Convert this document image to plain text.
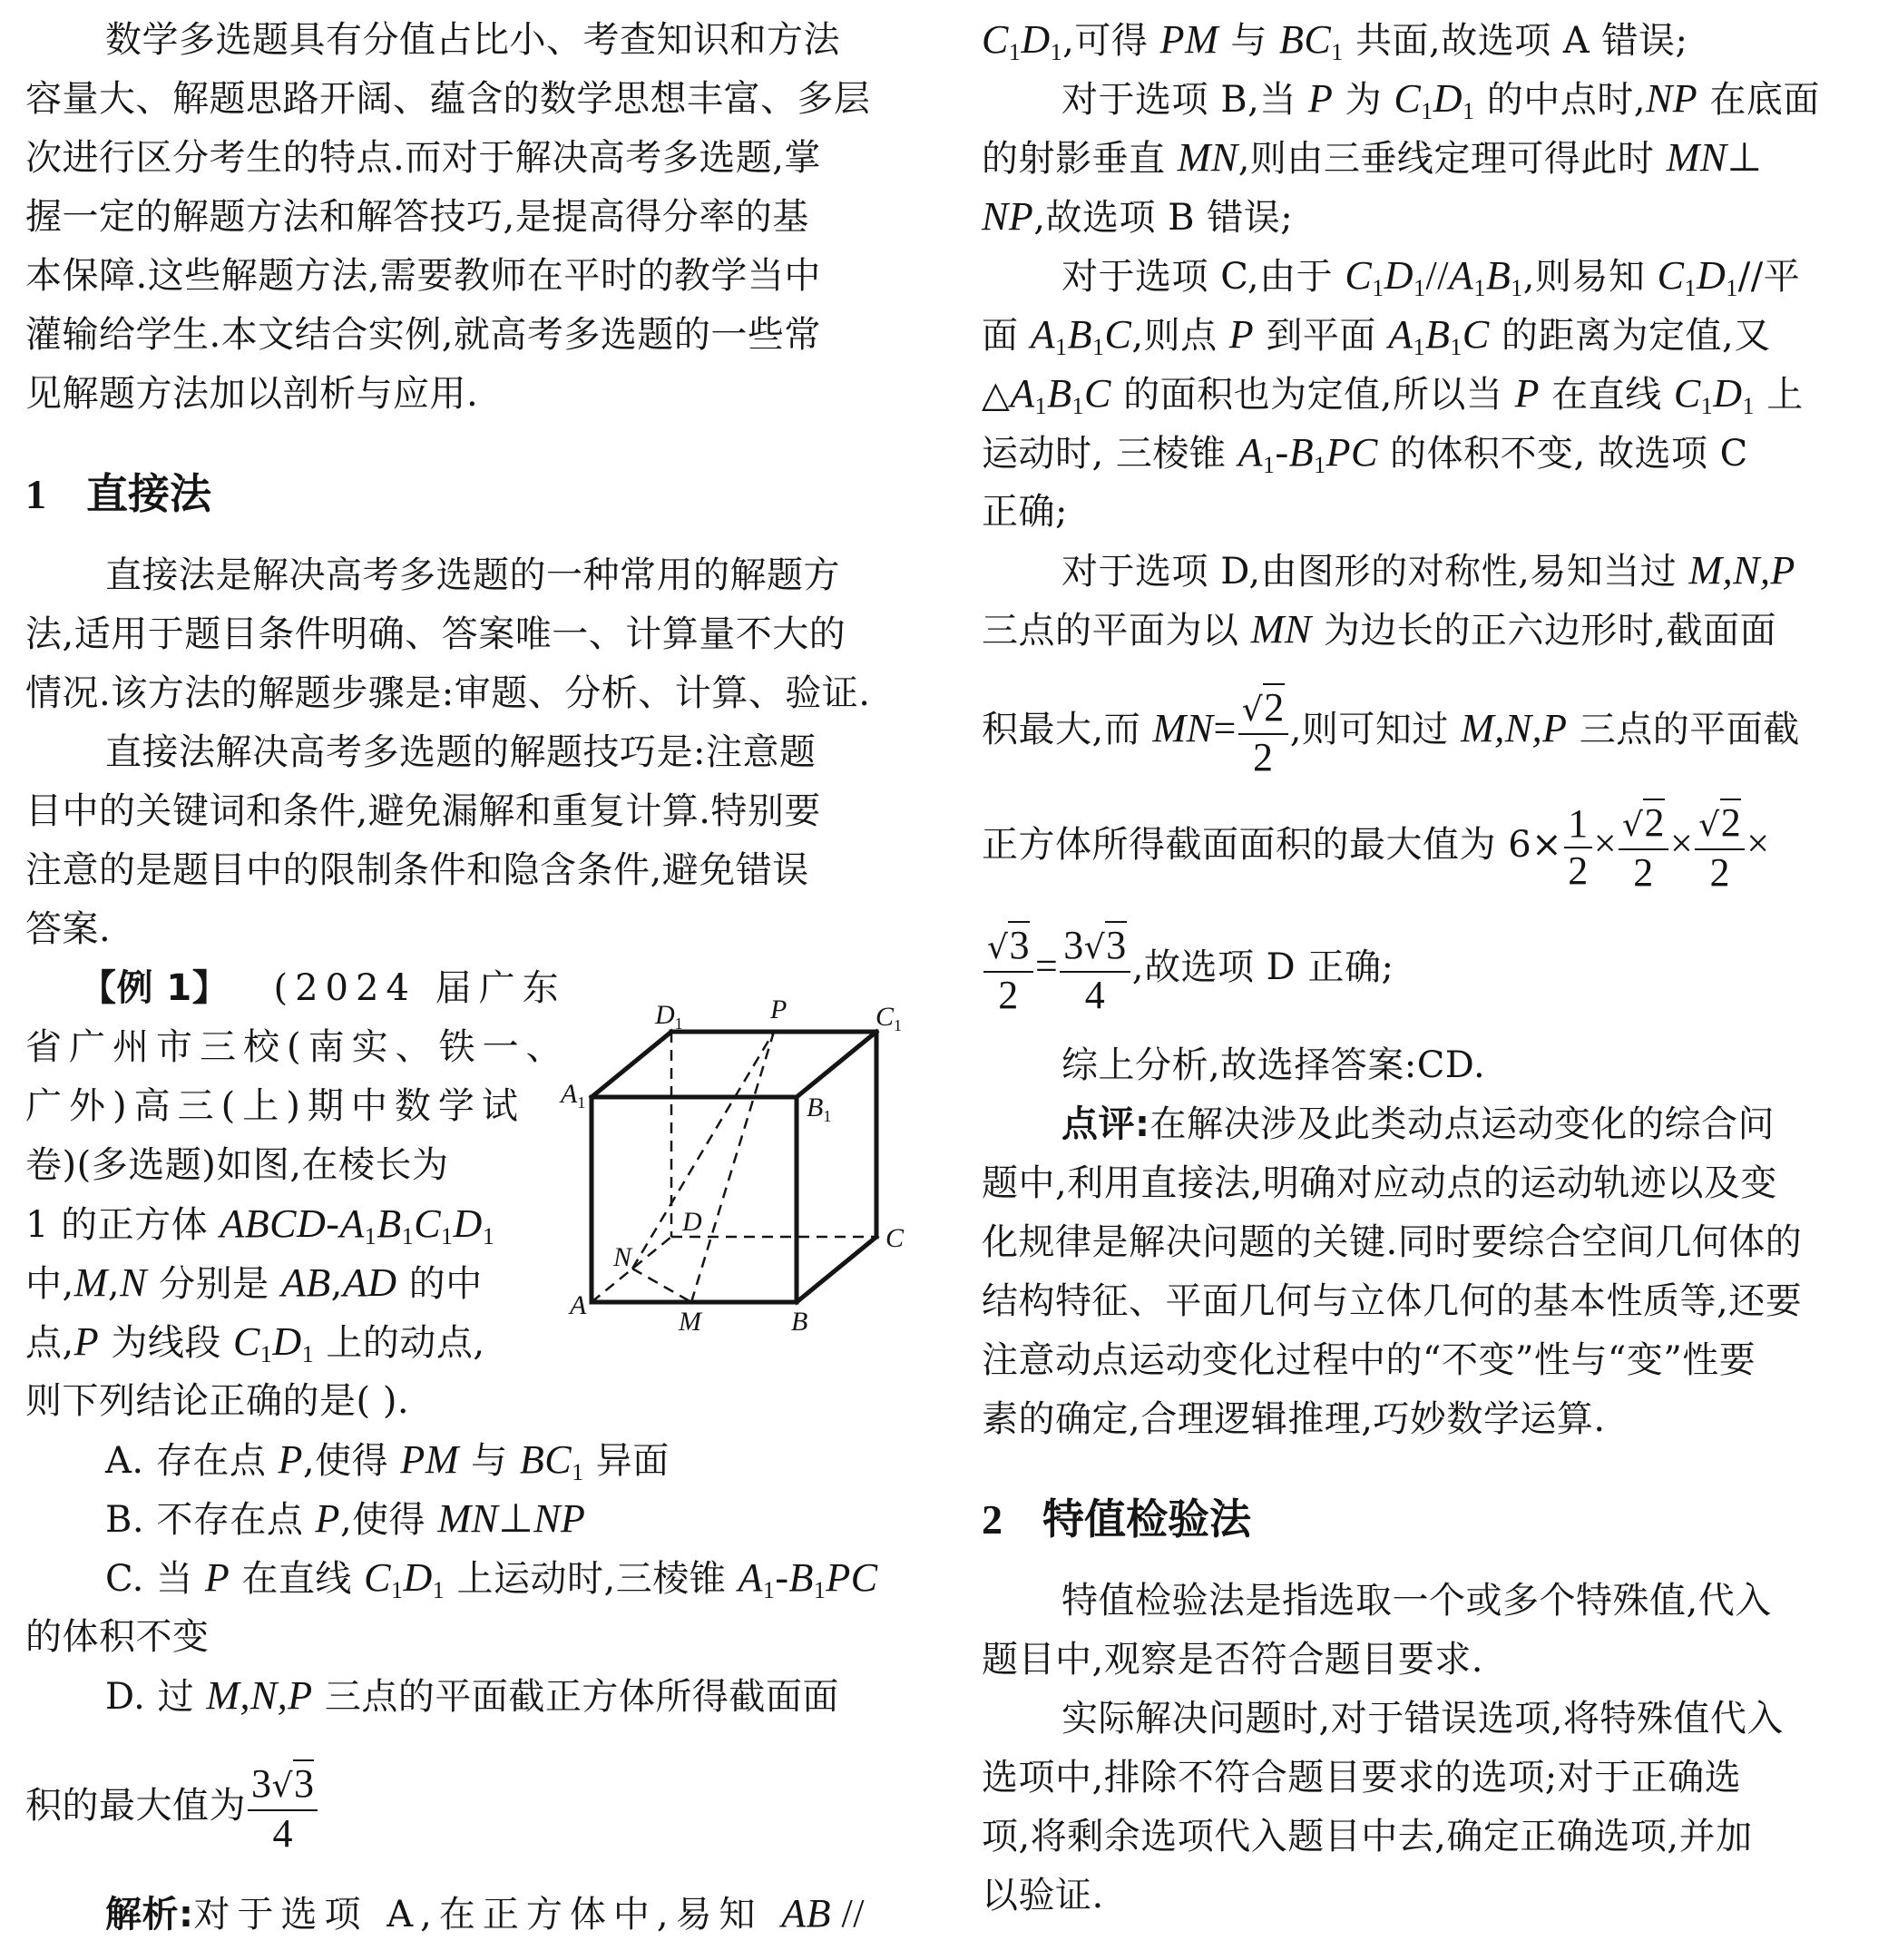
数学多选题具有分值占比小、考查知识和方法
容量大、解题思路开阔、蕴含的数学思想丰富、多层
次进行区分考生的特点.而对于解决高考多选题,掌
握一定的解题方法和解答技巧,是提高得分率的基
本保障.这些解题方法,需要教师在平时的教学当中
灌输给学生.本文结合实例,就高考多选题的一些常
见解题方法加以剖析与应用.
1 直接法
直接法是解决高考多选题的一种常用的解题方
法,适用于题目条件明确、答案唯一、计算量不大的
情况.该方法的解题步骤是:审题、分析、计算、验证.
直接法解决高考多选题的解题技巧是:注意题
目中的关键词和条件,避免漏解和重复计算.特别要
注意的是题目中的限制条件和隐含条件,避免错误
答案.
【例 1】 (2024 届广东
省广州市三校(南实、铁一、
广外)高三(上)期中数学试
卷)(多选题)如图,在棱长为
1 的正方体 ABCD-$A_1B_1C_1D_1$
中,M,N 分别是 AB,AD 的中
点,P 为线段 $C_1D_1$ 上的动点,
则下列结论正确的是( ).
A. 存在点 P,使得 PM 与 $BC_1$ 异面
B. 不存在点 P,使得 MN⊥NP
C. 当 P 在直线 $C_1D_1$ 上运动时,三棱锥 $A_1-B_1PC$
的体积不变
D. 过 M,N,P 三点的平面截正方体所得截面面
积的最大值为 $\frac{3√3}{4}$
解析:对于选项 A,在正方体中,易知 AB //
$D_1$	P	$C_1$
$A_1$	$B_1$
D
C
N
A
M	B
$C_1D_1$,可得 PM 与 $BC_1$ 共面,故选项 A 错误;
对于选项 B,当 P 为 $C_1D_1$ 的中点时,NP 在底面
的射影垂直 MN,则由三垂线定理可得此时 MN⊥
NP,故选项 B 错误;
对于选项 C,由于 $C_1D_1//A_1B_1$,则易知 $C_1D_1//$平
面 $A_1B_1C$,则点 P 到平面 $A_1B_1C$ 的距离为定值,又
$\triangle A_1B_1C$ 的面积也为定值,所以当 P 在直线 $C_1D_1$ 上
运动时, 三棱锥 $A_1-B_1PC$ 的体积不变, 故选项 C
正确;
对于选项 D,由图形的对称性,易知当过 M,N,P
三点的平面为以 MN 为边长的正六边形时,截面面
积最大,而 $MN= \frac{√2}{2}$ ,则可知过 M,N,P 三点的平面截
正方体所得截面面积的最大值为 $6\times \frac{1}{2} \times \frac{√2}{2} \times \frac{√2}{2}$ ×
$\frac{√3}{2} = \frac{3√3}{4}$ ,故选项 D 正确;
综上分析,故选择答案:CD.
点评:在解决涉及此类动点运动变化的综合问
题中,利用直接法,明确对应动点的运动轨迹以及变
化规律是解决问题的关键.同时要综合空间几何体的
结构特征、平面几何与立体几何的基本性质等,还要
注意动点运动变化过程中的“不变”性与“变”性要
素的确定,合理逻辑推理,巧妙数学运算.
2 特值检验法
特值检验法是指选取一个或多个特殊值,代入
题目中,观察是否符合题目要求.
实际解决问题时,对于错误选项,将特殊值代入
选项中,排除不符合题目要求的选项;对于正确选
项,将剩余选项代入题目中去,确定正确选项,并加
以验证.
